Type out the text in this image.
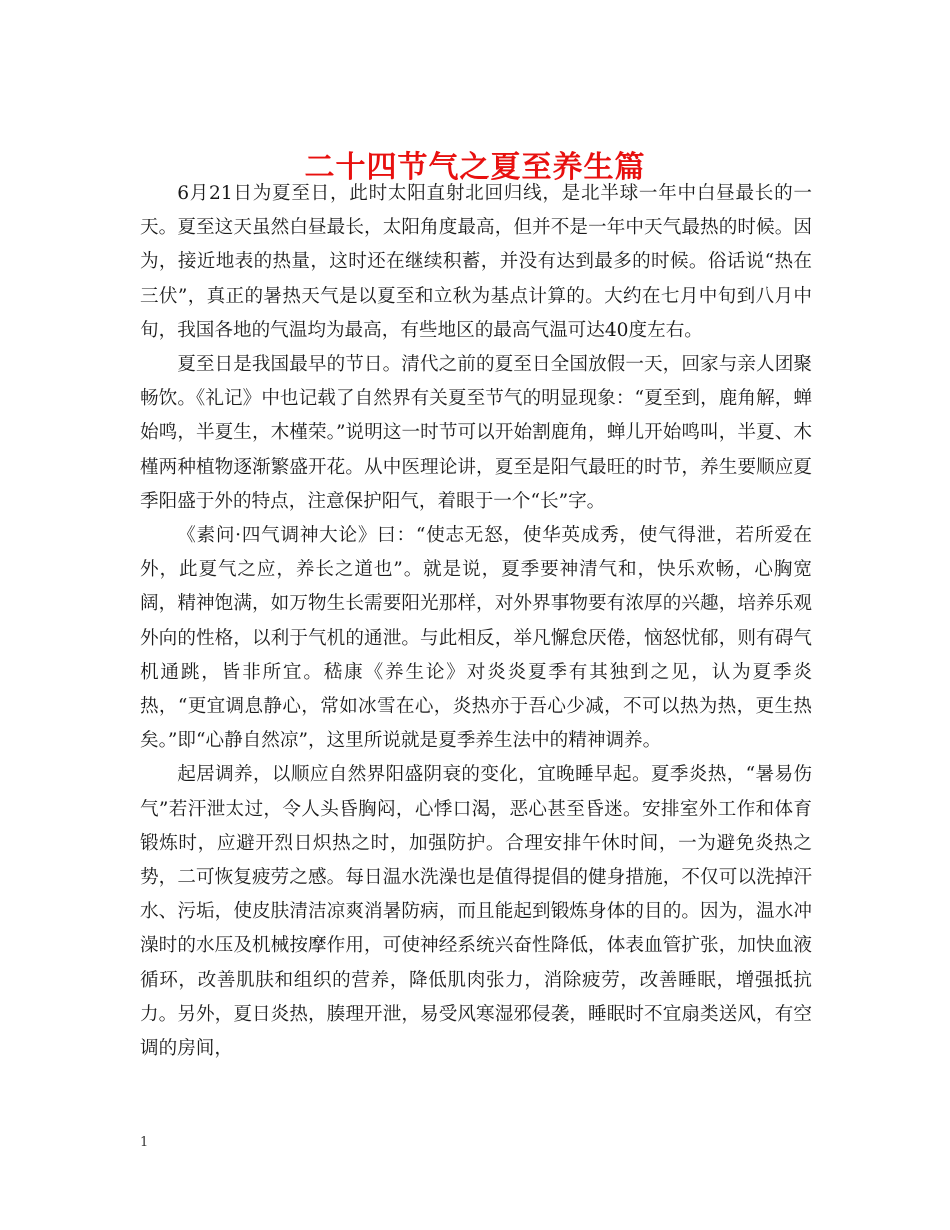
二十四节气之夏至养生篇

6月21日为夏至日，此时太阳直射北回归线，是北半球一年中白昼最长的一天。夏至这天虽然白昼最长，太阳角度最高，但并不是一年中天气最热的时候。因为，接近地表的热量，这时还在继续积蓄，并没有达到最多的时候。俗话说“热在三伏”，真正的暑热天气是以夏至和立秋为基点计算的。大约在七月中旬到八月中旬，我国各地的气温均为最高，有些地区的最高气温可达40度左右。

夏至日是我国最早的节日。清代之前的夏至日全国放假一天，回家与亲人团聚畅饮。《礼记》中也记载了自然界有关夏至节气的明显现象：“夏至到，鹿角解，蝉始鸣，半夏生，木槿荣。”说明这一时节可以开始割鹿角，蝉儿开始鸣叫，半夏、木槿两种植物逐渐繁盛开花。从中医理论讲，夏至是阳气最旺的时节，养生要顺应夏季阳盛于外的特点，注意保护阳气，着眼于一个“长”字。

《素问·四气调神大论》曰：“使志无怒，使华英成秀，使气得泄，若所爱在外，此夏气之应，养长之道也”。就是说，夏季要神清气和，快乐欢畅，心胸宽阔，精神饱满，如万物生长需要阳光那样，对外界事物要有浓厚的兴趣，培养乐观外向的性格，以利于气机的通泄。与此相反，举凡懈怠厌倦，恼怒忧郁，则有碍气机通跳，皆非所宜。嵇康《养生论》对炎炎夏季有其独到之见，认为夏季炎热，“更宜调息静心，常如冰雪在心，炎热亦于吾心少减，不可以热为热，更生热矣。”即“心静自然凉”，这里所说就是夏季养生法中的精神调养。

起居调养，以顺应自然界阳盛阴衰的变化，宜晚睡早起。夏季炎热，“暑易伤气”若汗泄太过，令人头昏胸闷，心悸口渴，恶心甚至昏迷。安排室外工作和体育锻炼时，应避开烈日炽热之时，加强防护。合理安排午休时间，一为避免炎热之势，二可恢复疲劳之感。每日温水洗澡也是值得提倡的健身措施，不仅可以洗掉汗水、污垢，使皮肤清洁凉爽消暑防病，而且能起到锻炼身体的目的。因为，温水冲澡时的水压及机械按摩作用，可使神经系统兴奋性降低，体表血管扩张，加快血液循环，改善肌肤和组织的营养，降低肌肉张力，消除疲劳，改善睡眠，增强抵抗力。另外，夏日炎热，腠理开泄，易受风寒湿邪侵袭，睡眠时不宜扇类送风，有空调的房间，

1
